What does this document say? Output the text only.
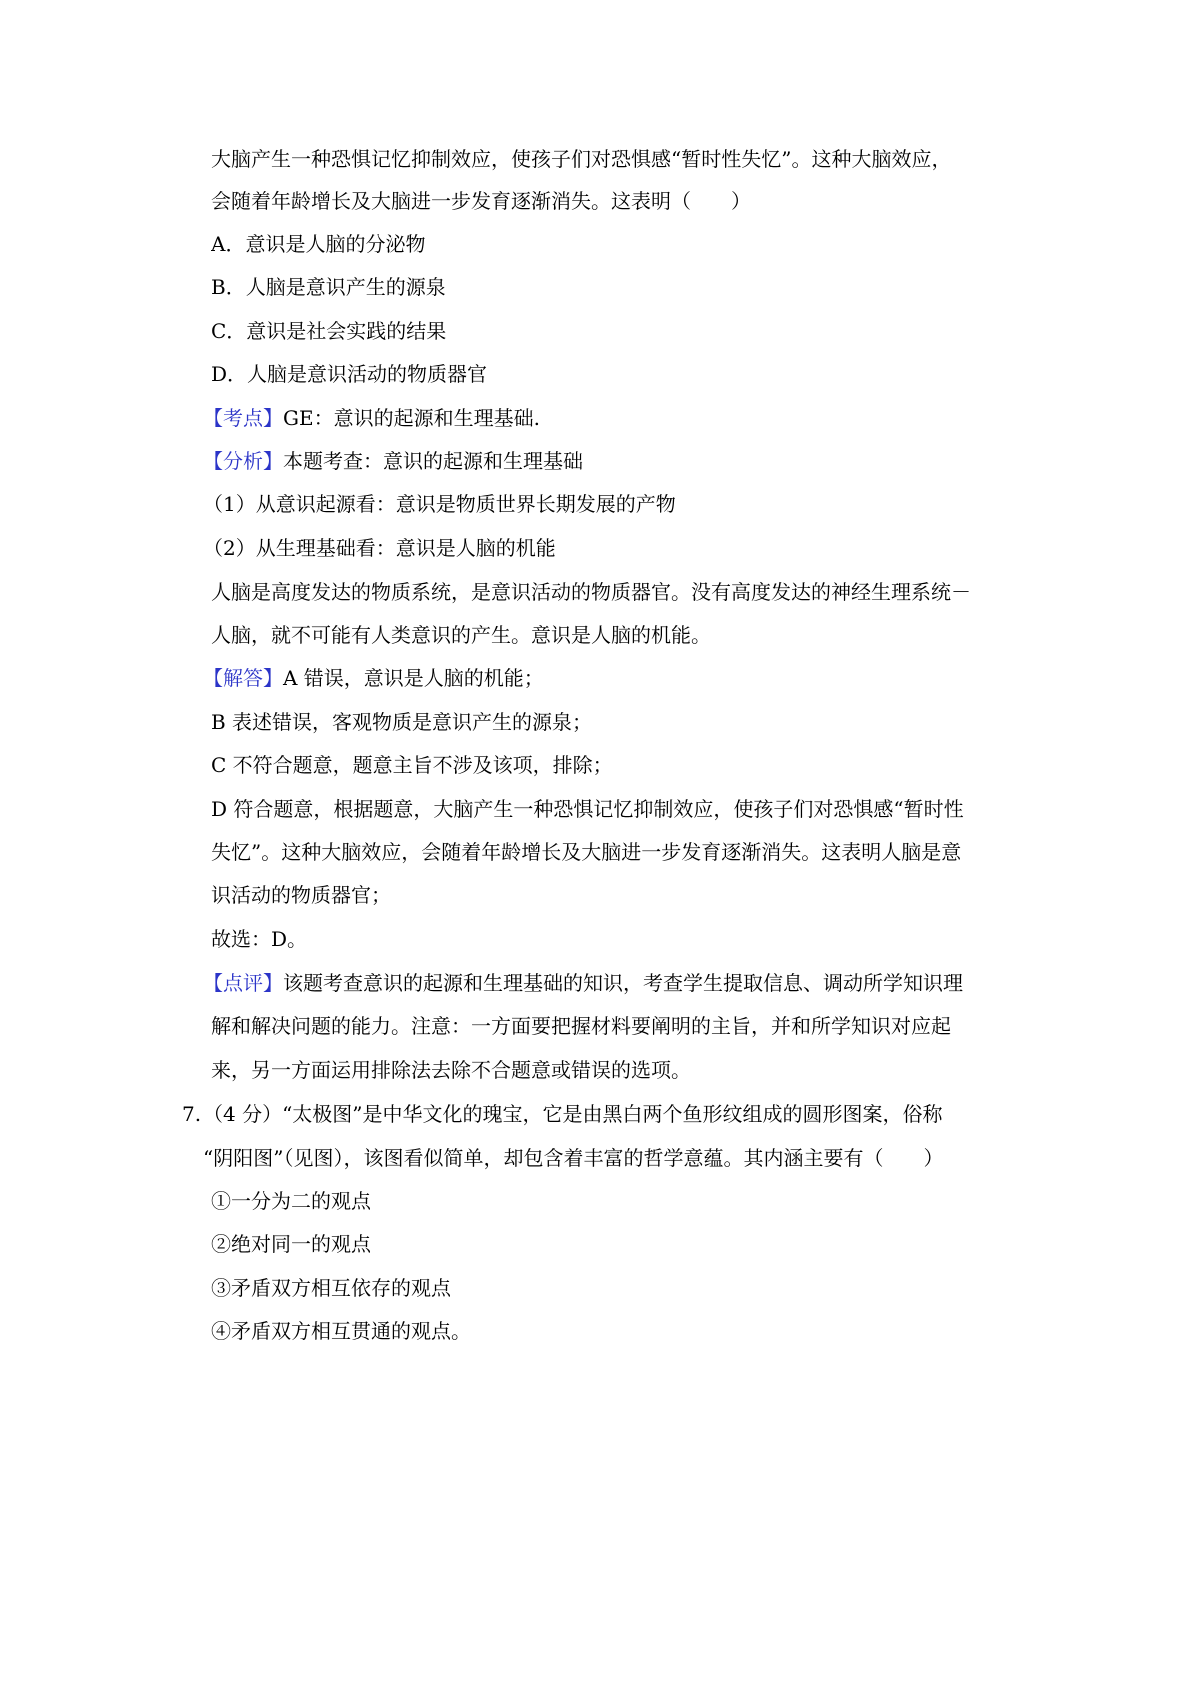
大脑产生一种恐惧记忆抑制效应，使孩子们对恐惧感“暂时性失忆”。这种大脑效应，
会随着年龄增长及大脑进一步发育逐渐消失。这表明（　　）
A．意识是人脑的分泌物
B．人脑是意识产生的源泉
C．意识是社会实践的结果
D．人脑是意识活动的物质器官
【考点】GE：意识的起源和生理基础.
【分析】本题考查：意识的起源和生理基础
（1）从意识起源看：意识是物质世界长期发展的产物
（2）从生理基础看：意识是人脑的机能
人脑是高度发达的物质系统，是意识活动的物质器官。没有高度发达的神经生理系统－
人脑，就不可能有人类意识的产生。意识是人脑的机能。
【解答】A 错误，意识是人脑的机能；
B 表述错误，客观物质是意识产生的源泉；
C 不符合题意，题意主旨不涉及该项，排除；
D 符合题意，根据题意，大脑产生一种恐惧记忆抑制效应，使孩子们对恐惧感“暂时性
失忆”。这种大脑效应，会随着年龄增长及大脑进一步发育逐渐消失。这表明人脑是意
识活动的物质器官；
故选：D。
【点评】该题考查意识的起源和生理基础的知识，考查学生提取信息、调动所学知识理
解和解决问题的能力。注意：一方面要把握材料要阐明的主旨，并和所学知识对应起
来，另一方面运用排除法去除不合题意或错误的选项。
7. （4 分）“太极图”是中华文化的瑰宝，它是由黑白两个鱼形纹组成的圆形图案，俗称
“阴阳图”（见图），该图看似简单，却包含着丰富的哲学意蕴。其内涵主要有（　　）
①一分为二的观点
②绝对同一的观点
③矛盾双方相互依存的观点
④矛盾双方相互贯通的观点。
